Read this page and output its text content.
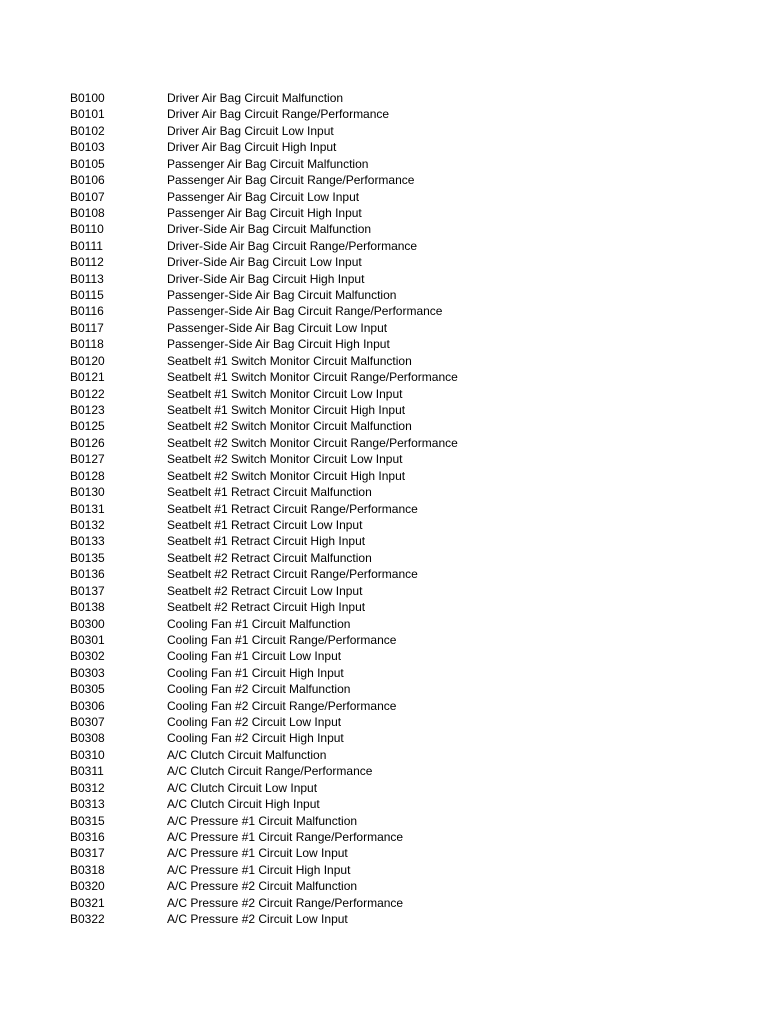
B0100	Driver Air Bag Circuit Malfunction
B0101	Driver Air Bag Circuit Range/Performance
B0102	Driver Air Bag Circuit Low Input
B0103	Driver Air Bag Circuit High Input
B0105	Passenger Air Bag Circuit Malfunction
B0106	Passenger Air Bag Circuit Range/Performance
B0107	Passenger Air Bag Circuit Low Input
B0108	Passenger Air Bag Circuit High Input
B0110	Driver-Side Air Bag Circuit Malfunction
B0111	Driver-Side Air Bag Circuit Range/Performance
B0112	Driver-Side Air Bag Circuit Low Input
B0113	Driver-Side Air Bag Circuit High Input
B0115	Passenger-Side Air Bag Circuit Malfunction
B0116	Passenger-Side Air Bag Circuit Range/Performance
B0117	Passenger-Side Air Bag Circuit Low Input
B0118	Passenger-Side Air Bag Circuit High Input
B0120	Seatbelt #1 Switch Monitor Circuit Malfunction
B0121	Seatbelt #1 Switch Monitor Circuit Range/Performance
B0122	Seatbelt #1 Switch Monitor Circuit Low Input
B0123	Seatbelt #1 Switch Monitor Circuit High Input
B0125	Seatbelt #2 Switch Monitor Circuit Malfunction
B0126	Seatbelt #2 Switch Monitor Circuit Range/Performance
B0127	Seatbelt #2 Switch Monitor Circuit Low Input
B0128	Seatbelt #2 Switch Monitor Circuit High Input
B0130	Seatbelt #1 Retract Circuit Malfunction
B0131	Seatbelt #1 Retract Circuit Range/Performance
B0132	Seatbelt #1 Retract Circuit Low Input
B0133	Seatbelt #1 Retract Circuit High Input
B0135	Seatbelt #2 Retract Circuit Malfunction
B0136	Seatbelt #2 Retract Circuit Range/Performance
B0137	Seatbelt #2 Retract Circuit Low Input
B0138	Seatbelt #2 Retract Circuit High Input
B0300	Cooling Fan #1 Circuit Malfunction
B0301	Cooling Fan #1 Circuit Range/Performance
B0302	Cooling Fan #1 Circuit Low Input
B0303	Cooling Fan #1 Circuit High Input
B0305	Cooling Fan #2 Circuit Malfunction
B0306	Cooling Fan #2 Circuit Range/Performance
B0307	Cooling Fan #2 Circuit Low Input
B0308	Cooling Fan #2 Circuit High Input
B0310	A/C Clutch Circuit Malfunction
B0311	A/C Clutch Circuit Range/Performance
B0312	A/C Clutch Circuit Low Input
B0313	A/C Clutch Circuit High Input
B0315	A/C Pressure #1 Circuit Malfunction
B0316	A/C Pressure #1 Circuit Range/Performance
B0317	A/C Pressure #1 Circuit Low Input
B0318	A/C Pressure #1 Circuit High Input
B0320	A/C Pressure #2 Circuit Malfunction
B0321	A/C Pressure #2 Circuit Range/Performance
B0322	A/C Pressure #2 Circuit Low Input
